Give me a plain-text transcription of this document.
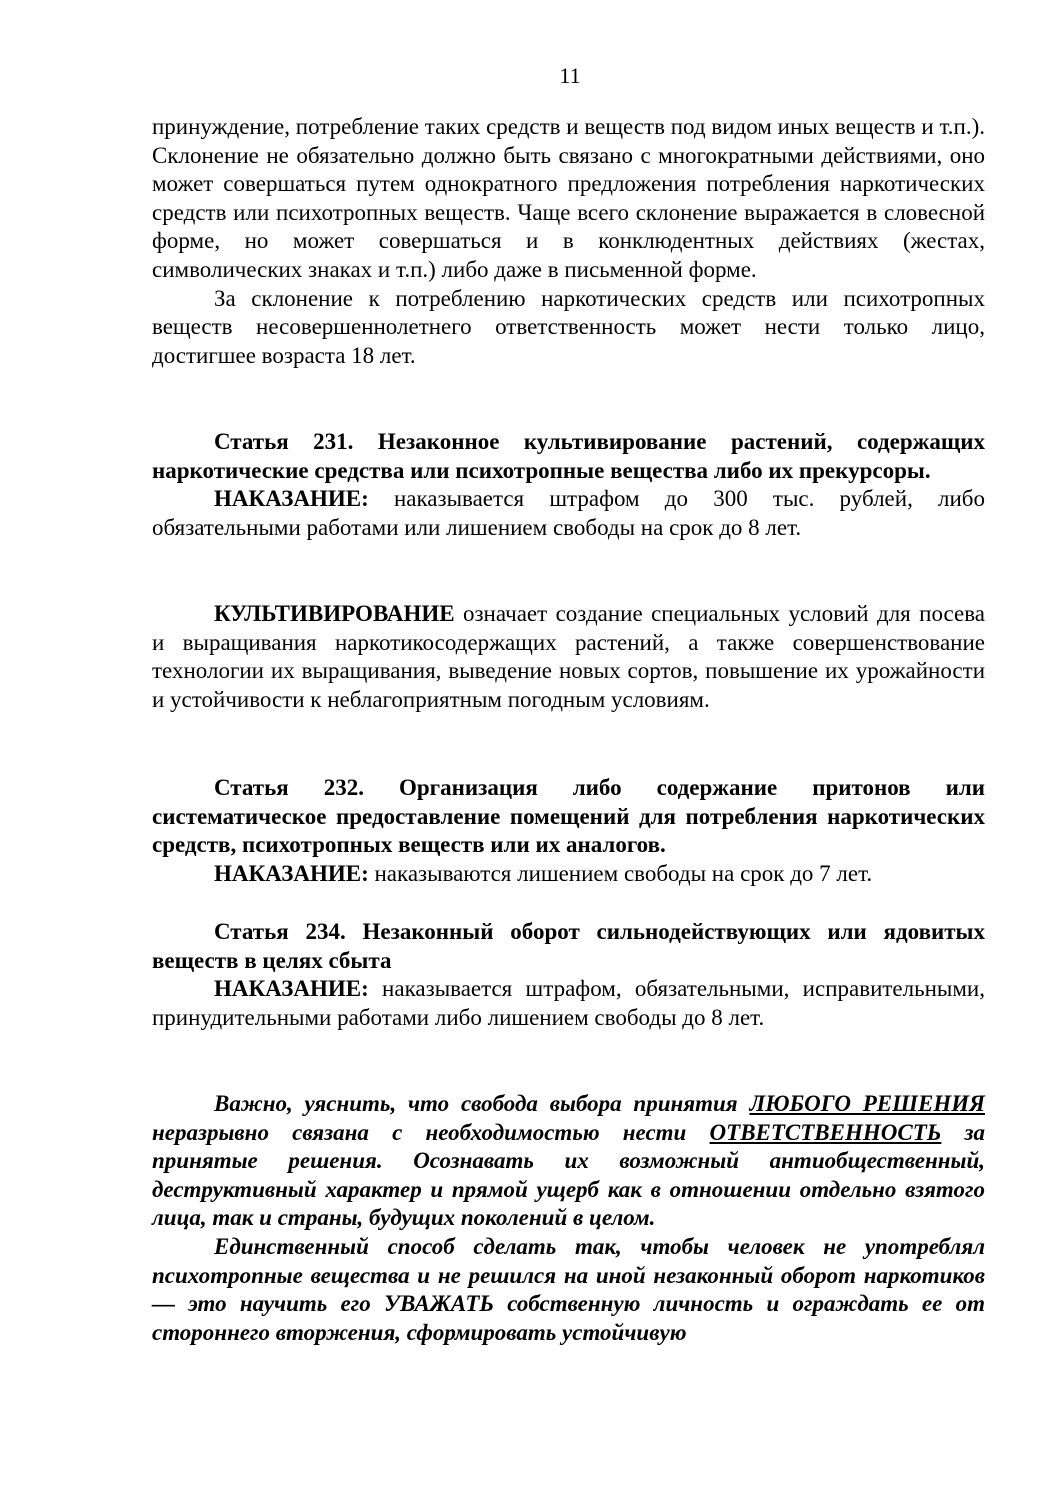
11

принуждение, потребление таких средств и веществ под видом иных веществ и т.п.). Склонение не обязательно должно быть связано с многократными действиями, оно может совершаться путем однократного предложения потребления наркотических средств или психотропных веществ. Чаще всего склонение выражается в словесной форме, но может совершаться и в конклюдентных действиях (жестах, символических знаках и т.п.) либо даже в письменной форме.

За склонение к потреблению наркотических средств или психотропных веществ несовершеннолетнего ответственность может нести только лицо, достигшее возраста 18 лет.

Статья 231. Незаконное культивирование растений, содержащих наркотические средства или психотропные вещества либо их прекурсоры.

НАКАЗАНИЕ: наказывается штрафом до 300 тыс. рублей, либо обязательными работами или лишением свободы на срок до 8 лет.

КУЛЬТИВИРОВАНИЕ означает создание специальных условий для посева и выращивания наркотикосодержащих растений, а также совершенствование технологии их выращивания, выведение новых сортов, повышение их урожайности и устойчивости к неблагоприятным погодным условиям.

Статья 232. Организация либо содержание притонов или систематическое предоставление помещений для потребления наркотических средств, психотропных веществ или их аналогов.

НАКАЗАНИЕ: наказываются лишением свободы на срок до 7 лет.

Статья 234. Незаконный оборот сильнодействующих или ядовитых веществ в целях сбыта

НАКАЗАНИЕ: наказывается штрафом, обязательными, исправительными, принудительными работами либо лишением свободы до 8 лет.

Важно, уяснить, что свобода выбора принятия ЛЮБОГО РЕШЕНИЯ неразрывно связана с необходимостью нести ОТВЕТСТВЕННОСТЬ за принятые решения. Осознавать их возможный антиобщественный, деструктивный характер и прямой ущерб как в отношении отдельно взятого лица, так и страны, будущих поколений в целом.

Единственный способ сделать так, чтобы человек не употреблял психотропные вещества и не решился на иной незаконный оборот наркотиков — это научить его УВАЖАТЬ собственную личность и ограждать ее от стороннего вторжения, сформировать устойчивую
